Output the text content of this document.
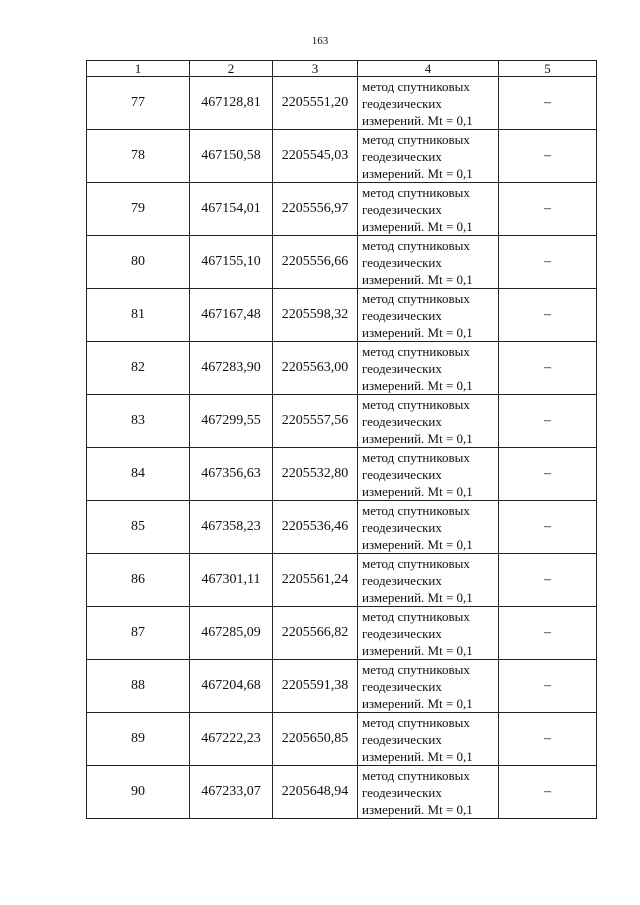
163
1	2	3	4	5
77	467128,81	2205551,20	метод спутниковых
геодезических
измерений. Mt = 0,1	–
78	467150,58	2205545,03	метод спутниковых
геодезических
измерений. Mt = 0,1	–
79	467154,01	2205556,97	метод спутниковых
геодезических
измерений. Mt = 0,1	–
80	467155,10	2205556,66	метод спутниковых
геодезических
измерений. Mt = 0,1	–
81	467167,48	2205598,32	метод спутниковых
геодезических
измерений. Mt = 0,1	–
82	467283,90	2205563,00	метод спутниковых
геодезических
измерений. Mt = 0,1	–
83	467299,55	2205557,56	метод спутниковых
геодезических
измерений. Mt = 0,1	–
84	467356,63	2205532,80	метод спутниковых
геодезических
измерений. Mt = 0,1	–
85	467358,23	2205536,46	метод спутниковых
геодезических
измерений. Mt = 0,1	–
86	467301,11	2205561,24	метод спутниковых
геодезических
измерений. Mt = 0,1	–
87	467285,09	2205566,82	метод спутниковых
геодезических
измерений. Mt = 0,1	–
88	467204,68	2205591,38	метод спутниковых
геодезических
измерений. Mt = 0,1	–
89	467222,23	2205650,85	метод спутниковых
геодезических
измерений. Mt = 0,1	–
90	467233,07	2205648,94	метод спутниковых
геодезических
измерений. Mt = 0,1	–
